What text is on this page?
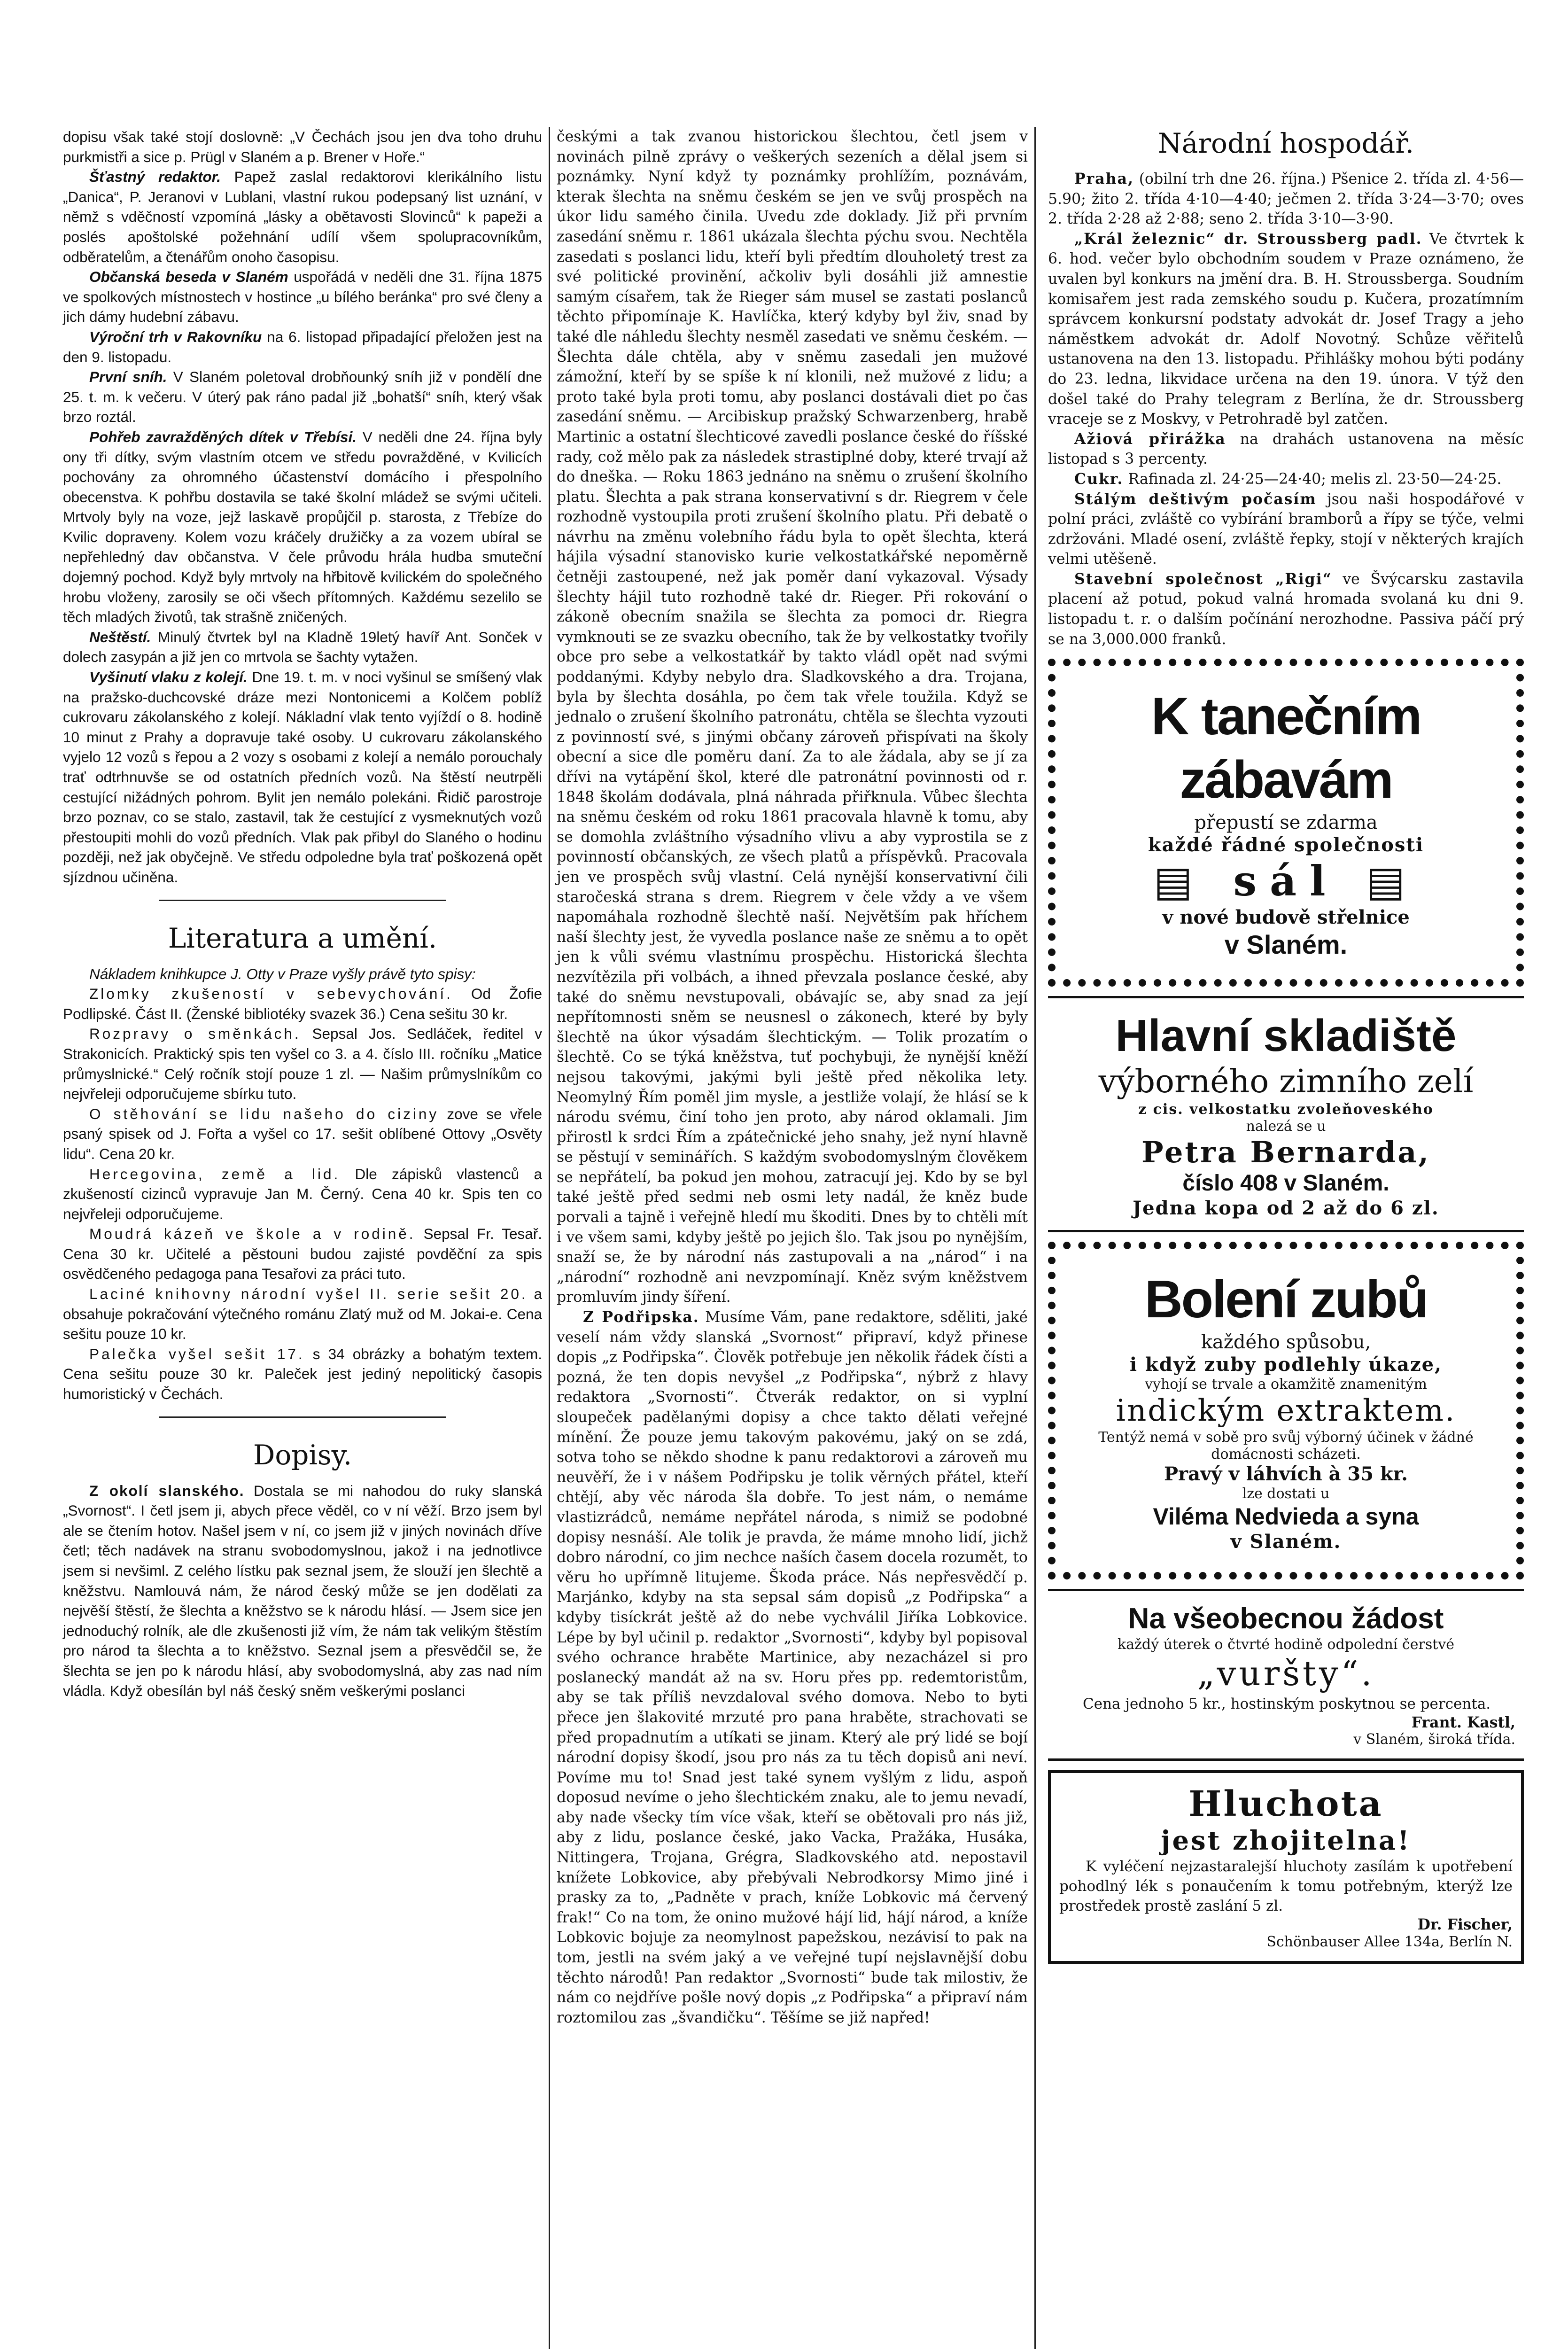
dopisu však také stojí doslovně: „V Čechách jsou jen dva toho druhu purkmistři a sice p. Prügl v Slaném a p. Brener v Hoře.“

Šťastný redaktor. Papež zaslal redaktorovi klerikálního listu „Danica“, P. Jeranovi v Lublani, vlastní rukou podepsaný list uznání, v němž s vděčností vzpomíná „lásky a obětavosti Slovinců“ k papeži a poslés apoštolské požehnání udílí všem spolupracovníkům, odběratelům, a čtenářům onoho časopisu.

Občanská beseda v Slaném uspořádá v neděli dne 31. října 1875 ve spolkových místnostech v hostince „u bílého beránka“ pro své členy a jich dámy hudební zábavu.

Výroční trh v Rakovníku na 6. listopad připadající přeložen jest na den 9. listopadu.

První sníh. V Slaném poletoval drobňounký sníh již v pondělí dne 25. t. m. k večeru. V úterý pak ráno padal již „bohatší“ sníh, který však brzo roztál.

Pohřeb zavražděných dítek v Třebísi. V neděli dne 24. října byly ony tři dítky, svým vlastním otcem ve středu povražděné, v Kvilicích pochovány za ohromného účastenství domácího i přespolního obecenstva. K pohřbu dostavila se také školní mládež se svými učiteli. Mrtvoly byly na voze, jejž laskavě propůjčil p. starosta, z Třebíze do Kvilic dopraveny. Kolem vozu kráčely družičky a za vozem ubíral se nepřehledný dav občanstva. V čele průvodu hrála hudba smuteční dojemný pochod. Když byly mrtvoly na hřbitově kvilickém do společného hrobu vloženy, zarosily se oči všech přítomných. Každému sezelilo se těch mladých životů, tak strašně zničených.

Neštěstí. Minulý čtvrtek byl na Kladně 19letý havíř Ant. Sonček v dolech zasypán a již jen co mrtvola se šachty vytažen.

Vyšinutí vlaku z kolejí. Dne 19. t. m. v noci vyšinul se smíšený vlak na pražsko-duchcovské dráze mezi Nontonicemi a Kolčem poblíž cukrovaru zákolanského z kolejí. Nákladní vlak tento vyjíždí o 8. hodině 10 minut z Prahy a dopravuje také osoby. U cukrovaru zákolanského vyjelo 12 vozů s řepou a 2 vozy s osobami z kolejí a nemálo porouchaly trať odtrhnuvše se od ostatních předních vozů. Na štěstí neutrpěli cestující nižádných pohrom. Bylit jen nemálo polekáni. Řidič parostroje brzo poznav, co se stalo, zastavil, tak že cestující z vysmeknutých vozů přestoupiti mohli do vozů předních. Vlak pak přibyl do Slaného o hodinu později, než jak obyčejně. Ve středu odpoledne byla trať poškozená opět sjízdnou učiněna.

Literatura a umění.

Nákladem knihkupce J. Otty v Praze vyšly právě tyto spisy:

Zlomky zkušeností v sebevychování. Od Žofie Podlipské. Část II. (Ženské bibliotéky svazek 36.) Cena sešitu 30 kr.

Rozpravy o směnkách. Sepsal Jos. Sedláček, ředitel v Strakonicích. Praktický spis ten vyšel co 3. a 4. číslo III. ročníku „Matice průmyslnické.“ Celý ročník stojí pouze 1 zl. — Našim průmyslníkům co nejvřeleji odporučujeme sbírku tuto.

O stěhování se lidu našeho do ciziny zove se vřele psaný spisek od J. Fořta a vyšel co 17. sešit oblíbené Ottovy „Osvěty lidu“. Cena 20 kr.

Hercegovina, země a lid. Dle zápisků vlastenců a zkušeností cizinců vypravuje Jan M. Černý. Cena 40 kr. Spis ten co nejvřeleji odporučujeme.

Moudrá kázeň ve škole a v rodině. Sepsal Fr. Tesař. Cena 30 kr. Učitelé a pěstouni budou zajisté povděční za spis osvědčeného pedagoga pana Tesařovi za práci tuto.

Laciné knihovny národní vyšel II. serie sešit 20. a obsahuje pokračování výtečného románu Zlatý muž od M. Jokai-e. Cena sešitu pouze 10 kr.

Palečka vyšel sešit 17. s 34 obrázky a bohatým textem. Cena sešitu pouze 30 kr. Paleček jest jediný nepolitický časopis humoristický v Čechách.

Dopisy.

Z okolí slanského. Dostala se mi nahodou do ruky slanská „Svornost“. I četl jsem ji, abych přece věděl, co v ní věží. Brzo jsem byl ale se čtením hotov. Našel jsem v ní, co jsem již v jiných novinách dříve četl; těch nadávek na stranu svobodomyslnou, jakož i na jednotlivce jsem si nevšiml. Z celého lístku pak seznal jsem, že slouží jen šlechtě a kněžstvu. Namlouvá nám, že národ český může se jen dodělati za nejvěší štěstí, že šlechta a kněžstvo se k národu hlásí. — Jsem sice jen jednoduchý rolník, ale dle zkušenosti již vím, že nám tak velikým štěstím pro národ ta šlechta a to kněžstvo. Seznal jsem a přesvědčil se, že šlechta se jen po k národu hlásí, aby svobodomyslná, aby zas nad ním vládla. Když obesílán byl náš český sněm veškerými poslanci

českými a tak zvanou historickou šlechtou, četl jsem v novinách pilně zprávy o veškerých sezeních a dělal jsem si poznámky. Nyní když ty poznámky prohlížím, poznávám, kterak šlechta na sněmu českém se jen ve svůj prospěch na úkor lidu samého činila. Uvedu zde doklady. Již při prvním zasedání sněmu r. 1861 ukázala šlechta pýchu svou. Nechtěla zasedati s poslanci lidu, kteří byli předtím dlouholetý trest za své politické provinění, ačkoliv byli dosáhli již amnestie samým císařem, tak že Rieger sám musel se zastati poslanců těchto připomínaje K. Havlíčka, který kdyby byl živ, snad by také dle náhledu šlechty nesměl zasedati ve sněmu českém. — Šlechta dále chtěla, aby v sněmu zasedali jen mužové zámožní, kteří by se spíše k ní klonili, než mužové z lidu; a proto také byla proti tomu, aby poslanci dostávali diet po čas zasedání sněmu. — Arcibiskup pražský Schwarzenberg, hrabě Martinic a ostatní šlechticové zavedli poslance české do říšské rady, což mělo pak za následek strastiplné doby, které trvají až do dneška. — Roku 1863 jednáno na sněmu o zrušení školního platu. Šlechta a pak strana konservativní s dr. Riegrem v čele rozhodně vystoupila proti zrušení školního platu. Při debatě o návrhu na změnu volebního řádu byla to opět šlechta, která hájila výsadní stanovisko kurie velkostatkářské nepoměrně četněji zastoupené, než jak poměr daní vykazoval. Výsady šlechty hájil tuto rozhodně také dr. Rieger. Při rokování o zákoně obecním snažila se šlechta za pomoci dr. Riegra vymknouti se ze svazku obecního, tak že by velkostatky tvořily obce pro sebe a velkostatkář by takto vládl opět nad svými poddanými. Kdyby nebylo dra. Sladkovského a dra. Trojana, byla by šlechta dosáhla, po čem tak vřele toužila. Když se jednalo o zrušení školního patronátu, chtěla se šlechta vyzouti z povinností své, s jinými občany zároveň přispívati na školy obecní a sice dle poměru daní. Za to ale žádala, aby se jí za dřívi na vytápění škol, které dle patronátní povinnosti od r. 1848 školám dodávala, plná náhrada přiřknula. Vůbec šlechta na sněmu českém od roku 1861 pracovala hlavně k tomu, aby se domohla zvláštního výsadního vlivu a aby vyprostila se z povinností občanských, ze všech platů a příspěvků. Pracovala jen ve prospěch svůj vlastní. Celá nynější konservativní čili staročeská strana s drem. Riegrem v čele vždy a ve všem napomáhala rozhodně šlechtě naší. Největším pak hříchem naší šlechty jest, že vyvedla poslance naše ze sněmu a to opět jen k vůli svému vlastnímu prospěchu. Historická šlechta nezvítězila při volbách, a ihned převzala poslance české, aby také do sněmu nevstupovali, obávajíc se, aby snad za její nepřítomnosti sněm se neusnesl o zákonech, které by byly šlechtě na úkor výsadám šlechtickým. — Tolik prozatím o šlechtě. Co se týká kněžstva, tuť pochybuji, že nynější kněží nejsou takovými, jakými byli ještě před několika lety. Neomylný Řím poměl jim mysle, a jestliže volají, že hlásí se k národu svému, činí toho jen proto, aby národ oklamali. Jim přirostl k srdci Řím a zpátečnické jeho snahy, jež nyní hlavně se pěstují v seminářích. S každým svobodomyslným člověkem se nepřátelí, ba pokud jen mohou, zatracují jej. Kdo by se byl také ještě před sedmi neb osmi lety nadál, že kněz bude porvali a tajně i veřejně hledí mu škoditi. Dnes by to chtěli mít i ve všem sami, kdyby ještě po jejich šlo. Tak jsou po nynějším, snaží se, že by národní nás zastupovali a na „národ“ i na „národní“ rozhodně ani nevzpomínají. Kněz svým kněžstvem promluvím jindy šíření.

Z Podřipska. Musíme Vám, pane redaktore, sděliti, jaké veselí nám vždy slanská „Svornost“ připraví, když přinese dopis „z Podřipska“. Člověk potřebuje jen několik řádek čísti a pozná, že ten dopis nevyšel „z Podřipska“, nýbrž z hlavy redaktora „Svornosti“. Čtverák redaktor, on si vyplní sloupeček padělanými dopisy a chce takto dělati veřejné mínění. Že pouze jemu takovým pakovému, jaký on se zdá, sotva toho se někdo shodne k panu redaktorovi a zároveň mu neuvěří, že i v nášem Podřipsku je tolik věrných přátel, kteří chtějí, aby věc národa šla dobře. To jest nám, o nemáme vlastizrádců, nemáme nepřátel národa, s nimiž se podobné dopisy nesnáší. Ale tolik je pravda, že máme mnoho lidí, jichž dobro národní, co jim nechce naších časem docela rozumět, to věru ho upřímně litujeme. Škoda práce. Nás nepřesvědčí p. Marjánko, kdyby na sta sepsal sám dopisů „z Podřipska“ a kdyby tisíckrát ještě až do nebe vychválil Jiříka Lobkovice. Lépe by byl učinil p. redaktor „Svornosti“, kdyby byl popisoval svého ochrance hraběte Martinice, aby nezacházel si pro poslanecký mandát až na sv. Horu přes pp. redemtoristům, aby se tak příliš nevzdaloval svého domova. Nebo to byti přece jen šlakovité mrzuté pro pana hraběte, strachovati se před propadnutím a utíkati se jinam. Který ale prý lidé se bojí národní dopisy škodí, jsou pro nás za tu těch dopisů ani neví. Povíme mu to! Snad jest také synem vyšlým z lidu, aspoň doposud nevíme o jeho šlechtickém znaku, ale to jemu nevadí, aby nade všecky tím více však, kteří se obětovali pro nás již, aby z lidu, poslance české, jako Vacka, Pražáka, Husáka, Nittingera, Trojana, Grégra, Sladkovského atd. nepostavil knížete Lobkovice, aby přebývali Nebrodkorsy Mimo jiné i prasky za to, „Padněte v prach, kníže Lobkovic má červený frak!“ Co na tom, že onino mužové hájí lid, hájí národ, a kníže Lobkovic bojuje za neomylnost papežskou, nezávisí to pak na tom, jestli na svém jaký a ve veřejné tupí nejslavnější dobu těchto národů! Pan redaktor „Svornosti“ bude tak milostiv, že nám co nejdříve pošle nový dopis „z Podřipska“ a připraví nám roztomilou zas „švandičku“. Těšíme se již napřed!

Národní hospodář.

Praha, (obilní trh dne 26. října.) Pšenice 2. třída zl. 4·56—5.90; žito 2. třída 4·10—4·40; ječmen 2. třída 3·24—3·70; oves 2. třída 2·28 až 2·88; seno 2. třída 3·10—3·90.

„Král železnic“ dr. Stroussberg padl. Ve čtvrtek k 6. hod. večer bylo obchodním soudem v Praze oznámeno, že uvalen byl konkurs na jmění dra. B. H. Stroussberga. Soudním komisařem jest rada zemského soudu p. Kučera, prozatímním správcem konkursní podstaty advokát dr. Josef Tragy a jeho náměstkem advokát dr. Adolf Novotný. Schůze věřitelů ustanovena na den 13. listopadu. Přihlášky mohou býti podány do 23. ledna, likvidace určena na den 19. února. V týž den došel také do Prahy telegram z Berlína, že dr. Stroussberg vraceje se z Moskvy, v Petrohradě byl zatčen.

Ažiová přirážka na drahách ustanovena na měsíc listopad s 3 percenty.

Cukr. Rafinada zl. 24·25—24·40; melis zl. 23·50—24·25.

Stálým deštivým počasím jsou naši hospodářové v polní práci, zvláště co vybírání bramborů a řípy se týče, velmi zdržováni. Mladé osení, zvláště řepky, stojí v některých krajích velmi utěšeně.

Stavební společnost „Rigi“ ve Švýcarsku zastavila placení až potud, pokud valná hromada svolaná ku dni 9. listopadu t. r. o dalším počínání nerozhodne. Passiva páčí prý se na 3,000.000 franků.

K tanečním zábavám
přepustí se zdarma
každé řádné společnosti
▤ sál ▤
v nové budově střelnice
v Slaném.
Hlavní skladiště
výborného zimního zelí
z cis. velkostatku zvoleňoveského
nalezá se u
Petra Bernarda,
číslo 408 v Slaném.
Jedna kopa od 2 až do 6 zl.
Bolení zubů
každého spůsobu,
i když zuby podlehly úkaze,
vyhojí se trvale a okamžitě znamenitým
indickým extraktem.
Tentýž nemá v sobě pro svůj výborný účinek v žádné domácnosti scházeti.
Pravý v láhvích à 35 kr.
lze dostati u
Viléma Nedvieda a syna
v Slaném.
Na všeobecnou žádost
každý úterek o čtvrté hodině odpolední čerstvé
„vuršty“.
Cena jednoho 5 kr., hostinským poskytnou se percenta.
Frant. Kastl,
v Slaném, široká třída.
Hluchota
jest zhojitelna!
K vyléčení nejzastaralejší hluchoty zasílám k upotřebení pohodlný lék s ponaučením k tomu potřebným, kterýž lze prostředek prostě zaslání 5 zl.
Dr. Fischer,
Schönbauser Allee 134a, Berlín N.
